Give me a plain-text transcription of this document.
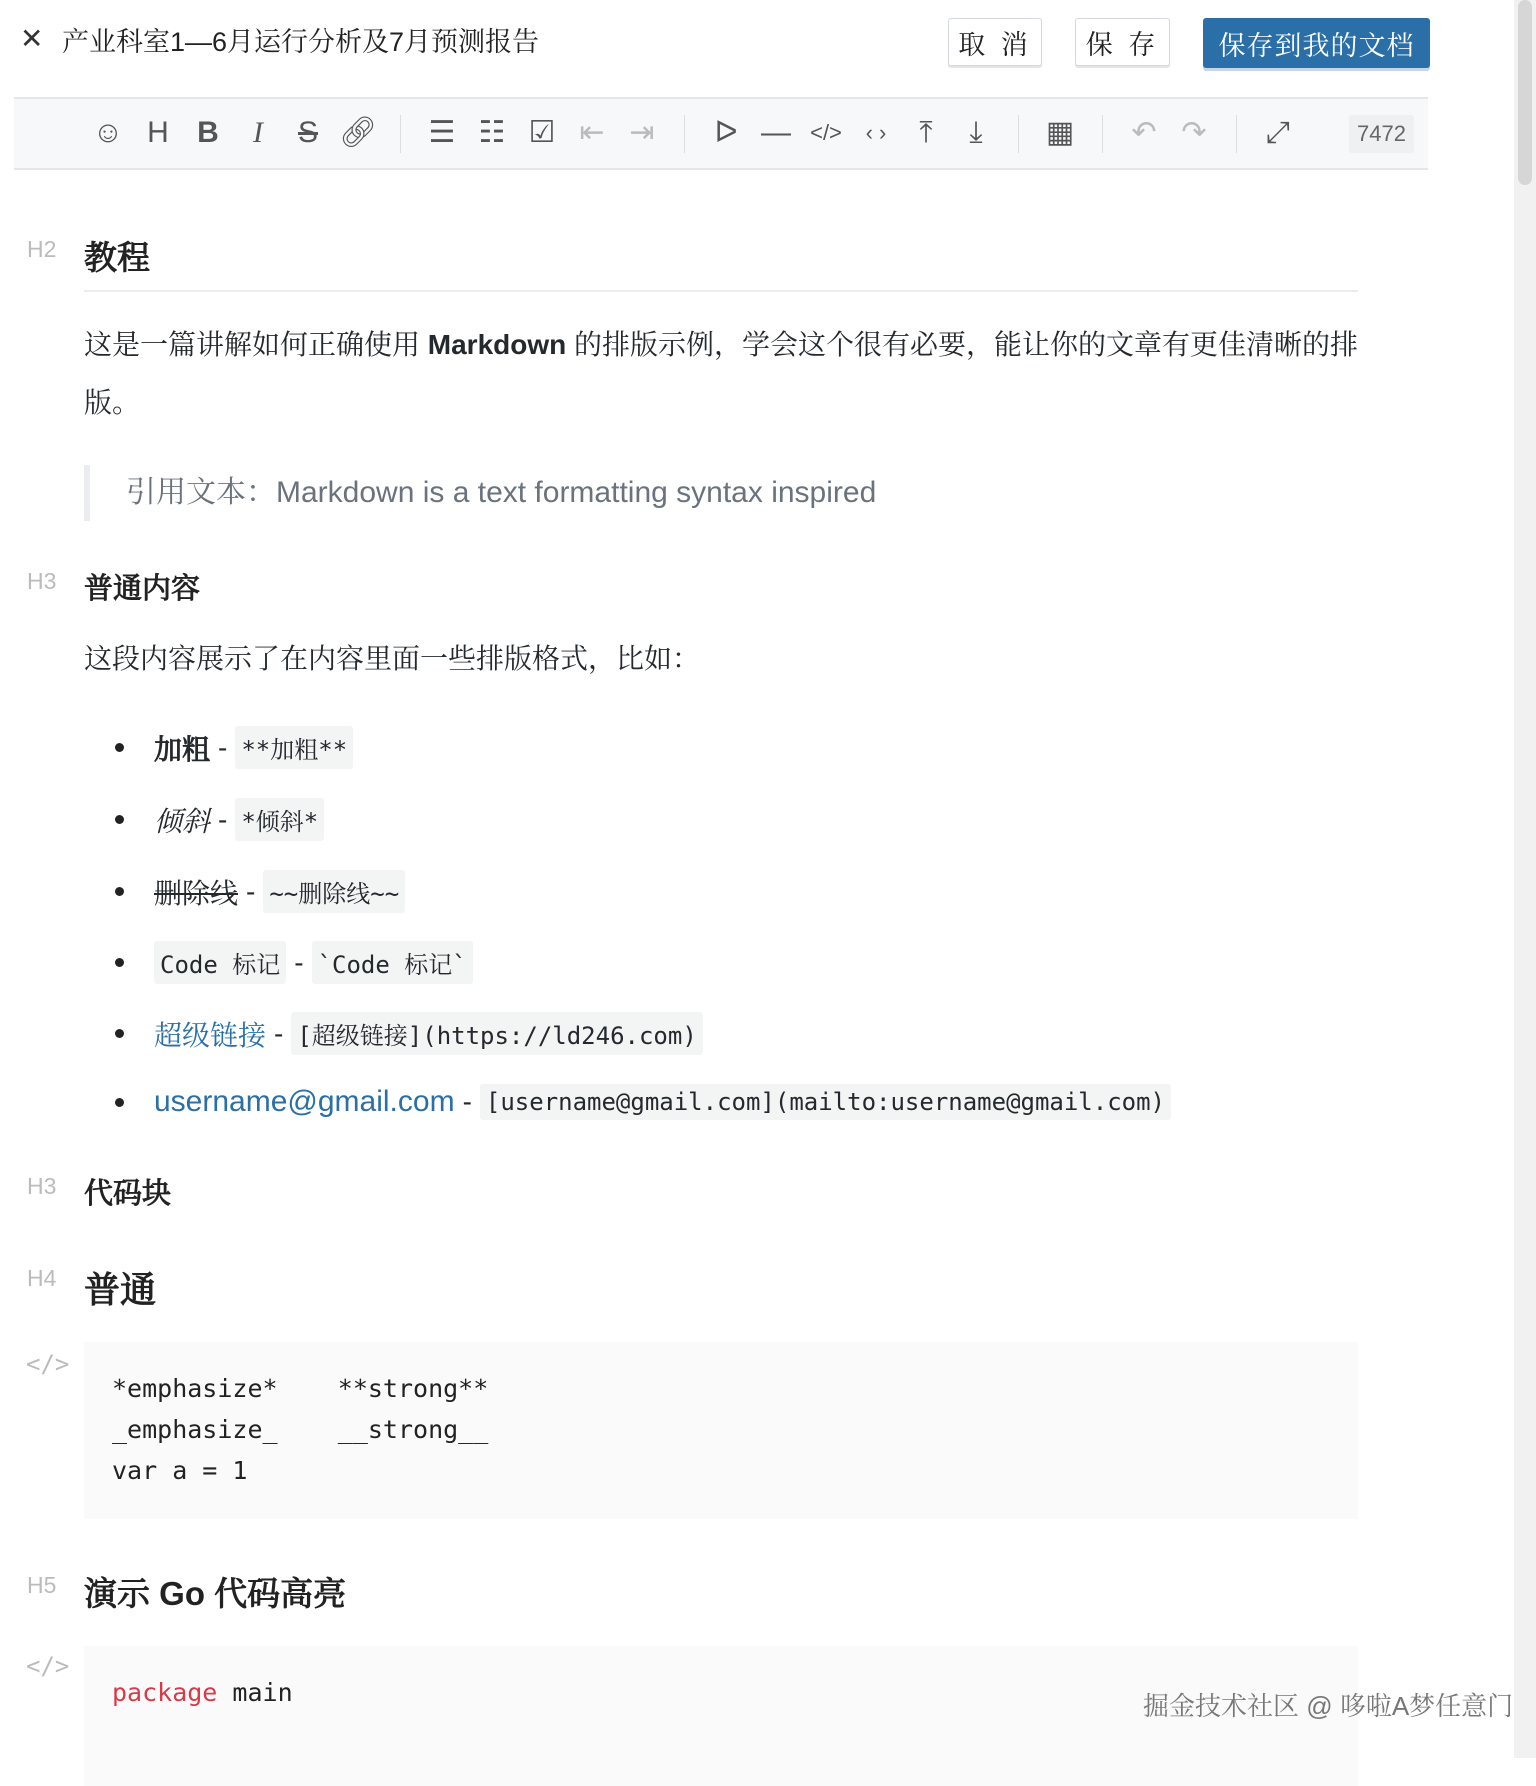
✕ 产业科室1—6月运行分析及7月预测报告	取 消	保 存	保存到我的文档
☺ H B	I	S 🔗︎ ☰ ☷ ☑ ⇤ ⇥ ᐅ — </>	‹ ›	⤒	⤓	▦ ↶ ↷ ⤢	7472
H2 教程
这是一篇讲解如何正确使用 Markdown 的排版示例，学会这个很有必要，能让你的文章有更佳清晰的排版。
引用文本：Markdown is a text formatting syntax inspired
H3 普通内容
这段内容展示了在内容里面一些排版格式，比如：
加粗 - **加粗**
倾斜 - *倾斜*
删除线 - ~~删除线~~
Code 标记 - `Code 标记`
超级链接 - [超级链接](https://ld246.com)
username@gmail.com - [username@gmail.com](mailto:username@gmail.com)
H3 代码块
H4 普通
</>
*emphasize*    **strong**
_emphasize_    __strong__
var a = 1
H5 演示 Go 代码高亮
</>
package main	掘金技术社区 @ 哆啦A梦任意门
